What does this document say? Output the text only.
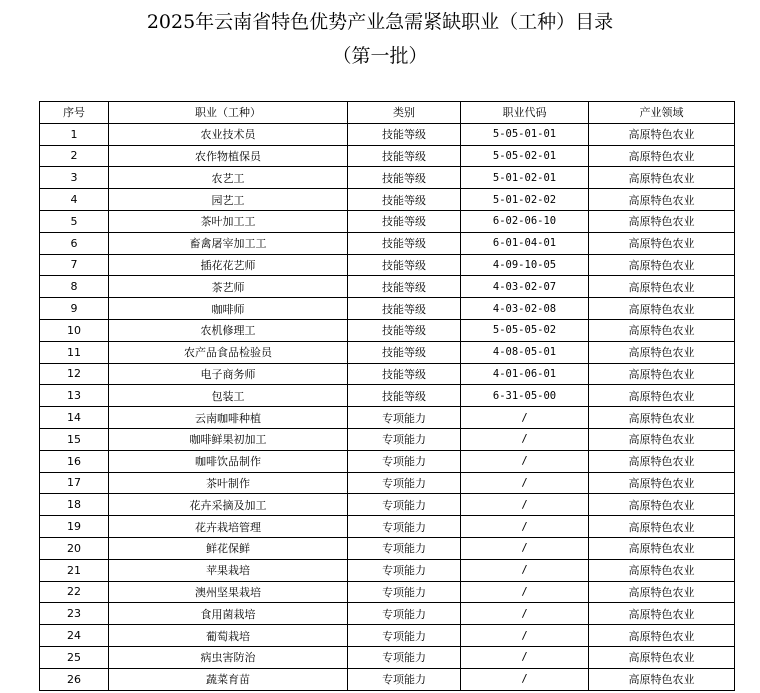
2025年云南省特色优势产业急需紧缺职业（工种）目录
（第一批）
序号	职业（工种）	类别	职业代码	产业领域
1	农业技术员	技能等级	5-05-01-01	高原特色农业
2	农作物植保员	技能等级	5-05-02-01	高原特色农业
3	农艺工	技能等级	5-01-02-01	高原特色农业
4	园艺工	技能等级	5-01-02-02	高原特色农业
5	茶叶加工工	技能等级	6-02-06-10	高原特色农业
6	畜禽屠宰加工工	技能等级	6-01-04-01	高原特色农业
7	插花花艺师	技能等级	4-09-10-05	高原特色农业
8	茶艺师	技能等级	4-03-02-07	高原特色农业
9	咖啡师	技能等级	4-03-02-08	高原特色农业
10	农机修理工	技能等级	5-05-05-02	高原特色农业
11	农产品食品检验员	技能等级	4-08-05-01	高原特色农业
12	电子商务师	技能等级	4-01-06-01	高原特色农业
13	包装工	技能等级	6-31-05-00	高原特色农业
14	云南咖啡种植	专项能力	/	高原特色农业
15	咖啡鲜果初加工	专项能力	/	高原特色农业
16	咖啡饮品制作	专项能力	/	高原特色农业
17	茶叶制作	专项能力	/	高原特色农业
18	花卉采摘及加工	专项能力	/	高原特色农业
19	花卉栽培管理	专项能力	/	高原特色农业
20	鲜花保鲜	专项能力	/	高原特色农业
21	苹果栽培	专项能力	/	高原特色农业
22	澳州坚果栽培	专项能力	/	高原特色农业
23	食用菌栽培	专项能力	/	高原特色农业
24	葡萄栽培	专项能力	/	高原特色农业
25	病虫害防治	专项能力	/	高原特色农业
26	蔬菜育苗	专项能力	/	高原特色农业
